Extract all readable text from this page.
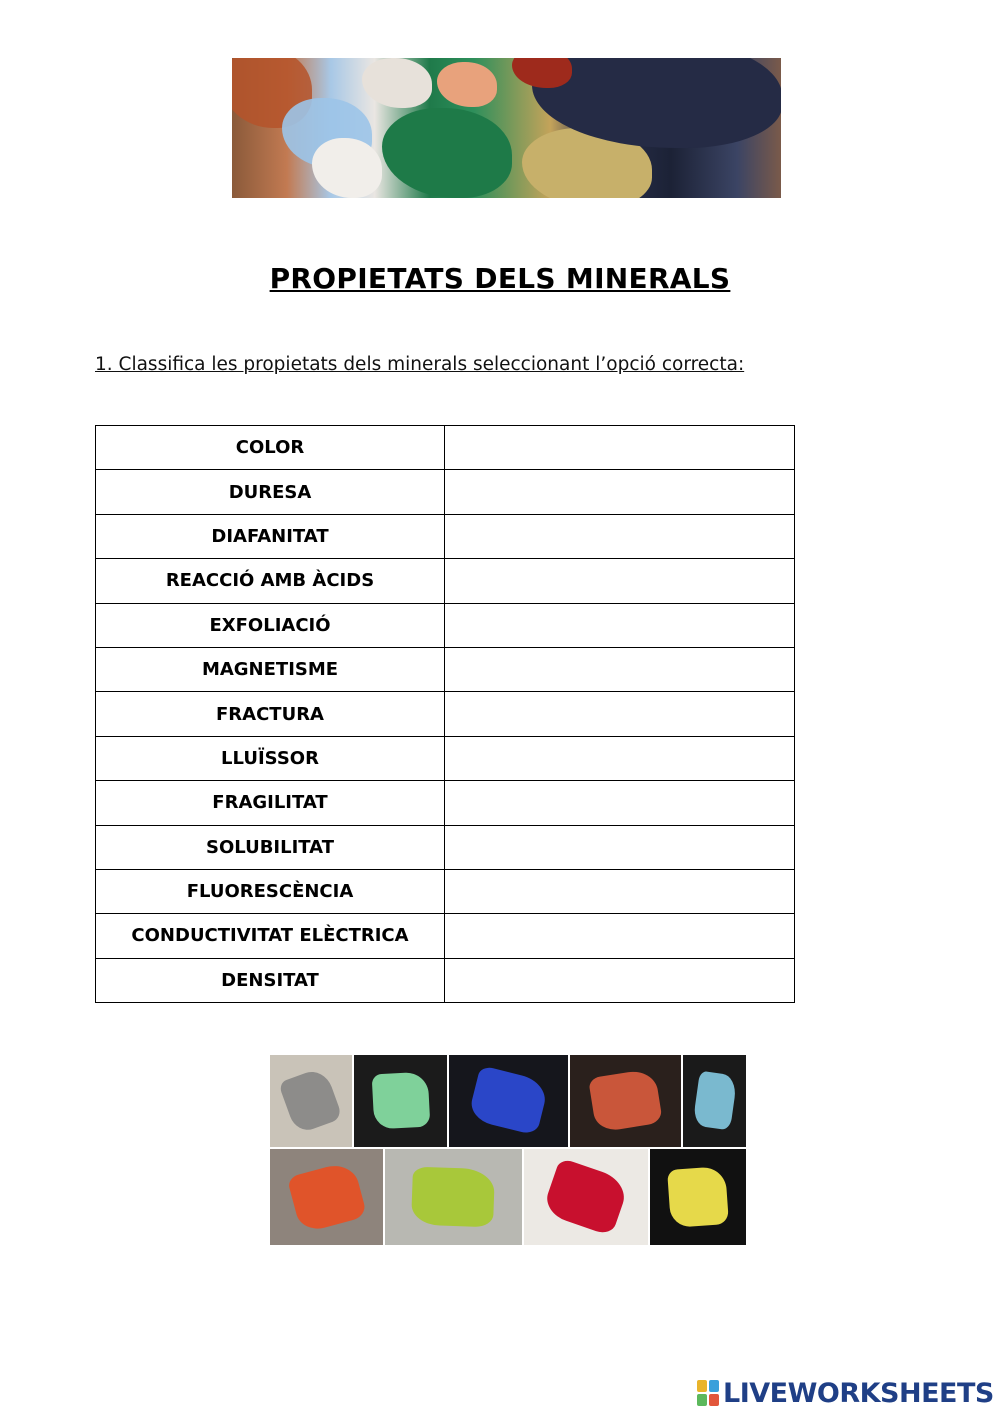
PROPIETATS DELS MINERALS
1. Classifica les propietats dels minerals seleccionant l’opció correcta:
COLOR	
DURESA	
DIAFANITAT	
REACCIÓ AMB ÀCIDS	
EXFOLIACIÓ	
MAGNETISME	
FRACTURA	
LLUÏSSOR	
FRAGILITAT	
SOLUBILITAT	
FLUORESCÈNCIA	
CONDUCTIVITAT ELÈCTRICA	
DENSITAT	
LIVEWORKSHEETS
